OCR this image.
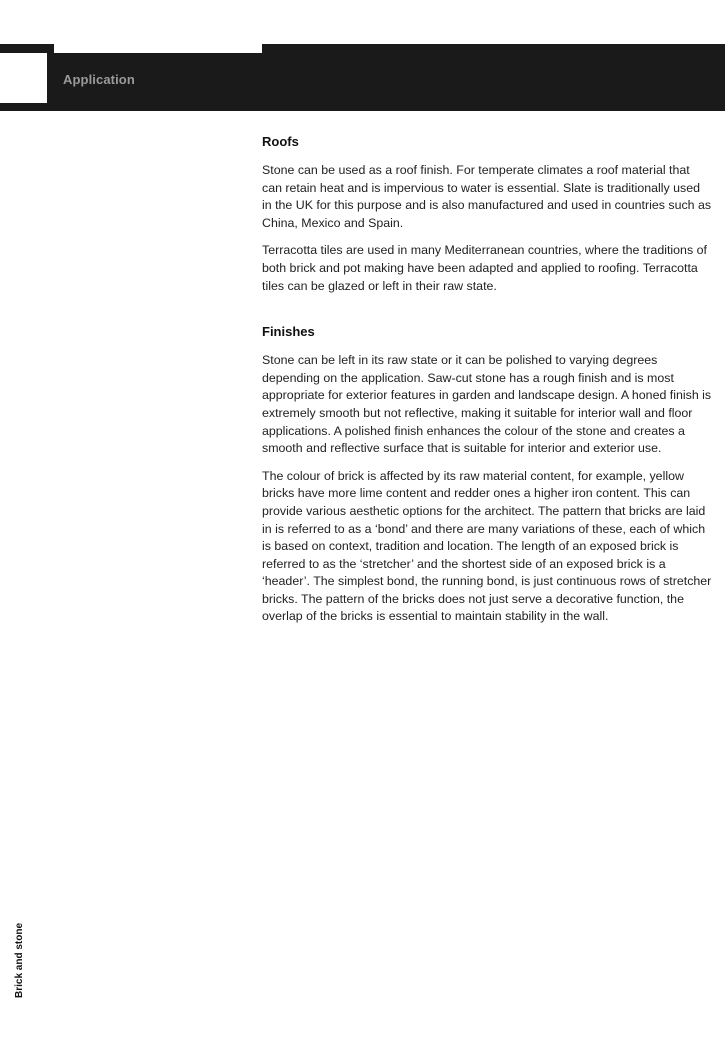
Application
Roofs

Stone can be used as a roof finish. For temperate climates a roof material that can retain heat and is impervious to water is essential. Slate is traditionally used in the UK for this purpose and is also manufactured and used in countries such as China, Mexico and Spain.

Terracotta tiles are used in many Mediterranean countries, where the traditions of both brick and pot making have been adapted and applied to roofing. Terracotta tiles can be glazed or left in their raw state.

Finishes

Stone can be left in its raw state or it can be polished to varying degrees depending on the application. Saw-cut stone has a rough finish and is most appropriate for exterior features in garden and landscape design. A honed finish is extremely smooth but not reflective, making it suitable for interior wall and floor applications. A polished finish enhances the colour of the stone and creates a smooth and reflective surface that is suitable for interior and exterior use.

The colour of brick is affected by its raw material content, for example, yellow bricks have more lime content and redder ones a higher iron content. This can provide various aesthetic options for the architect. The pattern that bricks are laid in is referred to as a ‘bond’ and there are many variations of these, each of which is based on context, tradition and location. The length of an exposed brick is referred to as the ‘stretcher’ and the shortest side of an exposed brick is a ‘header’. The simplest bond, the running bond, is just continuous rows of stretcher bricks. The pattern of the bricks does not just serve a decorative function, the overlap of the bricks is essential to maintain stability in the wall.

Brick and stone
